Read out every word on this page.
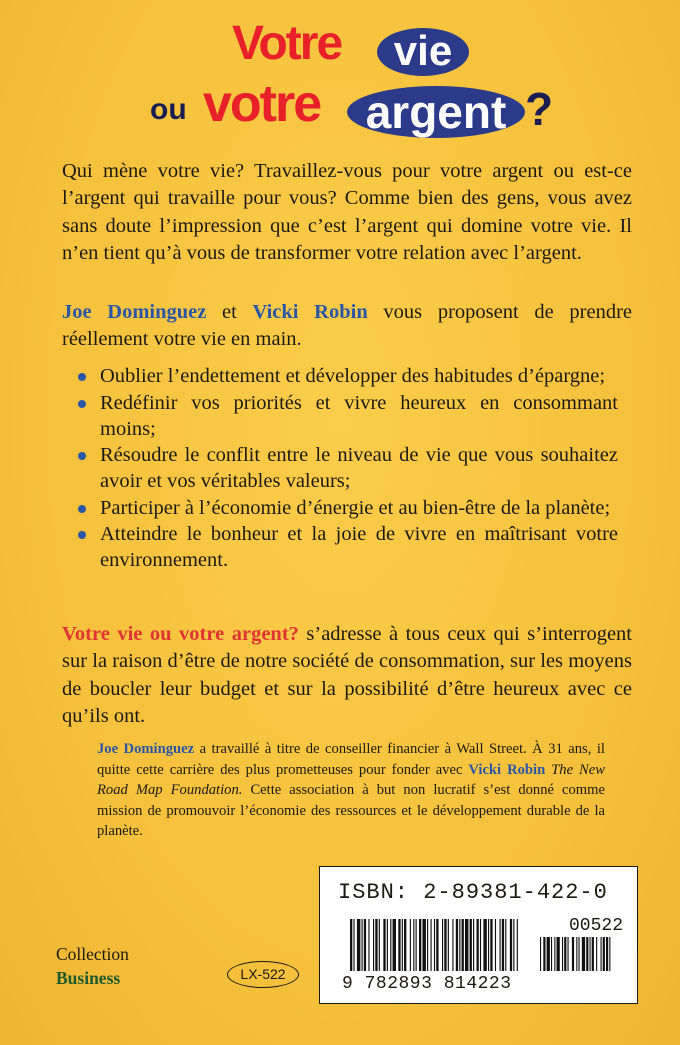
Votre	vie
ou votre argent ?

Qui mène votre vie? Travaillez-vous pour votre argent ou est-ce l’argent qui travaille pour vous? Comme bien des gens, vous avez sans doute l’impression que c’est l’argent qui domine votre vie. Il n’en tient qu’à vous de transformer votre relation avec l’argent.

Joe Dominguez et Vicki Robin vous proposent de prendre réellement votre vie en main.

Oublier l’endettement et développer des habitudes d’épargne;
Redéfinir vos priorités et vivre heureux en consommant moins;
Résoudre le conflit entre le niveau de vie que vous souhaitez avoir et vos véritables valeurs;
Participer à l’économie d’énergie et au bien-être de la planète;
Atteindre le bonheur et la joie de vivre en maîtrisant votre environnement.

Votre vie ou votre argent? s’adresse à tous ceux qui s’interrogent sur la raison d’être de notre société de consommation, sur les moyens de boucler leur budget et sur la possibilité d’être heureux avec ce qu’ils ont.

Joe Dominguez a travaillé à titre de conseiller financier à Wall Street. À 31 ans, il quitte cette carrière des plus prometteuses pour fonder avec Vicki Robin The New Road Map Foundation. Cette association à but non lucratif s’est donné comme mission de promouvoir l’économie des ressources et le développement durable de la planète.

Collection
Business	LX-522
ISBN: 2-89381-422-0
00522
9 782893 814223
